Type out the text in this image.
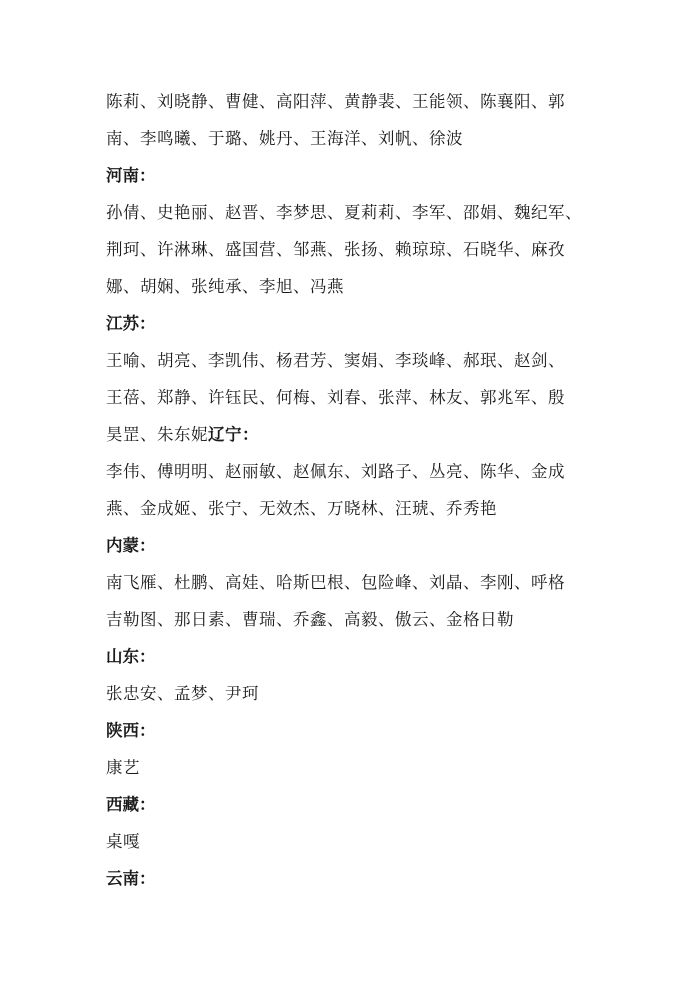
陈莉、刘晓静、曹健、高阳萍、黄静裴、王能领、陈襄阳、郭
南、李鸣曦、于璐、姚丹、王海洋、刘帆、徐波
河南：
孙倩、史艳丽、赵晋、李梦思、夏莉莉、李军、邵娟、魏纪军、
荆珂、许淋琳、盛国营、邹燕、张扬、赖琼琼、石晓华、麻孜
娜、胡娴、张纯承、李旭、冯燕
江苏：
王喻、胡亮、李凯伟、杨君芳、窦娟、李琰峰、郝珉、赵剑、
王蓓、郑静、许钰民、何梅、刘春、张萍、林友、郭兆军、殷
昊罡、朱东妮辽宁：
李伟、傅明明、赵丽敏、赵佩东、刘路子、丛亮、陈华、金成
燕、金成姬、张宁、无效杰、万晓林、汪琥、乔秀艳
内蒙：
南飞雁、杜鹏、高娃、哈斯巴根、包险峰、刘晶、李刚、呼格
吉勒图、那日素、曹瑞、乔鑫、高毅、傲云、金格日勒
山东：
张忠安、孟梦、尹珂
陕西：
康艺
西藏：
桌嘎
云南：
